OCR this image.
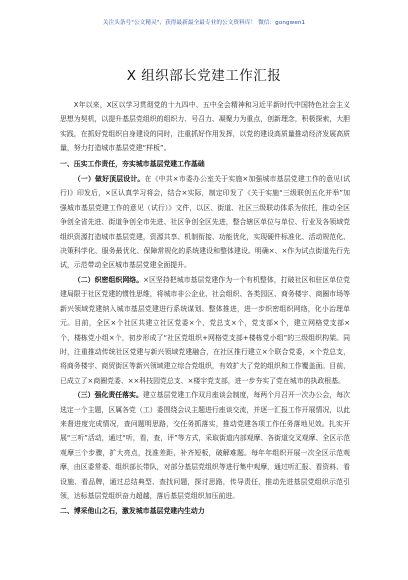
关注头条号"公文精灵"，获得最新最全最专业的公文资料库！ 微信：gongwen1
X 组织部长党建工作汇报

X年以来，X区以学习贯彻党的十九四中、五中全会精神和习近平新时代中国特色社会主义思想为契机，以提升基层党组织的组织力、号召力、凝聚力为重点，创新理念，积极探索，大胆实践，在抓好党组织自身建设的同时，注重抓好作用发挥，以党的建设高质量推动经济发展高质量，努力打造城市基层党建“样板”。

一、压实工作责任，夯实城市基层党建工作基础

（一）做好顶层设计。在《中共×市委办公室关于实施×加强城市基层党建工作的意见(试行)》印发后，×区认真学习将会，结合×实际，制定印发了《关于实施“三级联创五化并举”加强城市基层党建工作的意见（试行）》文件，以区、街道、社区三级联动体系为依托，推动全区争创全省先进、街道争创全市先进、社区争创全区先进，整合辖区单位与单位、行业及各领域党组织资源打造城市基层党建，资源共享、机制衔接、功能优化，实现硬件标准化、活动规范化、决策科学化、服务最优化、保障常规化的系统建设和整体建设。明确×、×作为试点街道先行先试，示范带动全区城市基层党建全面提升。

（二）织密组织网络。×区坚持把城市基层党建作为一个有机整体，打破社区和驻区单位党建局限于社区党建的惯性思维，将城市非公企业、社会组织、各类园区、商务楼宇、商圈市场等新兴领域党建纳入城市基层党建进行系统谋划、整体推进，进一步织密组织网络，化小治理单元。目前，全区×个社区共建立社区党委×个，党总支×个，党支部×个，建立网格党支部×个，楼栋党小组×个，初步形成了“社区党组织+网格党支部+楼栋党小组”的三级组织构架。同时，注重推动传统社区党建与新兴领域党建融合，在社区推行建立×个联合党委，×个党总支，将商务楼宇、商贸街区等新兴领域建立综合党组织，有效扩大了党的组织和工作覆盖面。目前，已成立了×商圈党委、××科技园党总支、×楼宇党支部，进一步夯实了党在城市的执政根基。

（三）强化责任落实。建立基层党建工作双月座谈会制度，每两个月召开一次办公会，每次选定一个主题，区属各党（工）委围绕会议主题进行座谈交流，并逐一汇报工作开展情况，以此来督进度完成情况，查问题明思路，交任务抓落实，推动党建各项工作任务落地见效。扎实开展“三听”活动，通过“听，看，查，评”等方式，采取街道内部观摩、各街道交叉观摩、全区示范观摩三个步骤，扩大亮点，找准差距，补齐短板，破解难题。每年年组织开展一次全区示范观摩，由区委常委、组织部长带队，对部分基层党组织等进行集中观摩，通过听汇报、看资料、看设施、看品牌，通过总结典型、查找问题，探讨思路，传导责任，推动先进基层党组织示范引领，达标基层党组织奋力超越，落后基层党组织加压前进。

二、博采他山之石，激发城市基层党建内生动力
